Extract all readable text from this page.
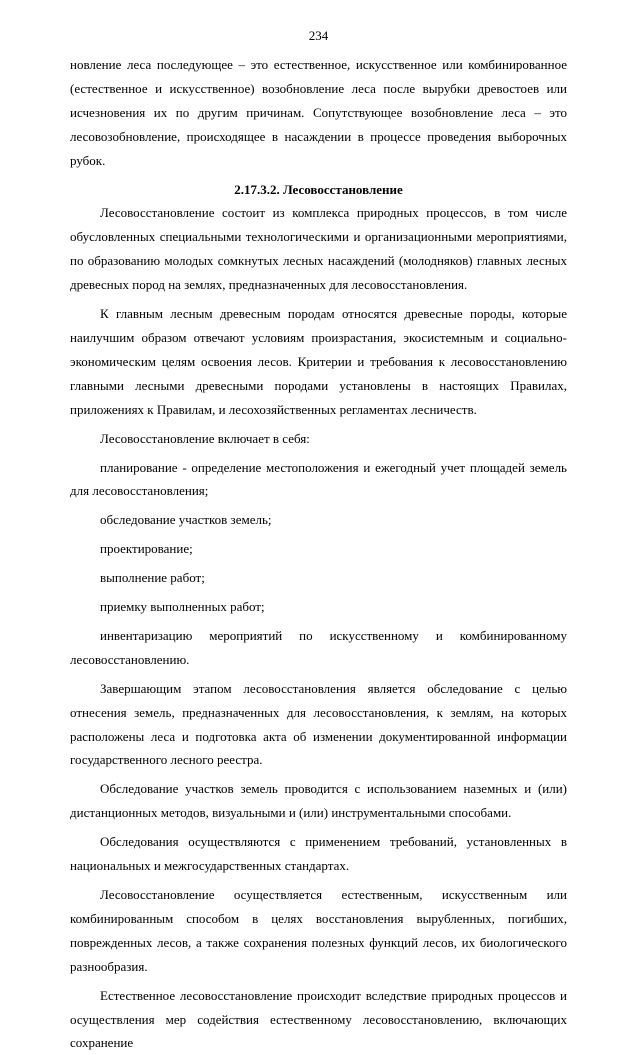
234

новление леса последующее – это естественное, искусственное или комбинированное (естественное и искусственное) возобновление леса после вырубки древостоев или исчезновения их по другим причинам. Сопутствующее возобновление леса – это лесовозобновление, происходящее в насаждении в процессе проведения выборочных рубок.

2.17.3.2. Лесовосстановление

Лесовосстановление состоит из комплекса природных процессов, в том числе обусловленных специальными технологическими и организационными мероприятиями, по образованию молодых сомкнутых лесных насаждений (молодняков) главных лесных древесных пород на землях, предназначенных для лесовосстановления.

К главным лесным древесным породам относятся древесные породы, которые наилучшим образом отвечают условиям произрастания, экосистемным и социально-экономическим целям освоения лесов. Критерии и требования к лесовосстановлению главными лесными древесными породами установлены в настоящих Правилах, приложениях к Правилам, и лесохозяйственных регламентах лесничеств.

Лесовосстановление включает в себя:

планирование - определение местоположения и ежегодный учет площадей земель для лесовосстановления;

обследование участков земель;

проектирование;

выполнение работ;

приемку выполненных работ;

инвентаризацию мероприятий по искусственному и комбинированному лесовосстановлению.

Завершающим этапом лесовосстановления является обследование с целью отнесения земель, предназначенных для лесовосстановления, к землям, на которых расположены леса и подготовка акта об изменении документированной информации государственного лесного реестра.

Обследование участков земель проводится с использованием наземных и (или) дистанционных методов, визуальными и (или) инструментальными способами.

Обследования осуществляются с применением требований, установленных в национальных и межгосударственных стандартах.

Лесовосстановление осуществляется естественным, искусственным или комбинированным способом в целях восстановления вырубленных, погибших, поврежденных лесов, а также сохранения полезных функций лесов, их биологического разнообразия.

Естественное лесовосстановление происходит вследствие природных процессов и осуществления мер содействия естественному лесовосстановлению, включающих сохранение
